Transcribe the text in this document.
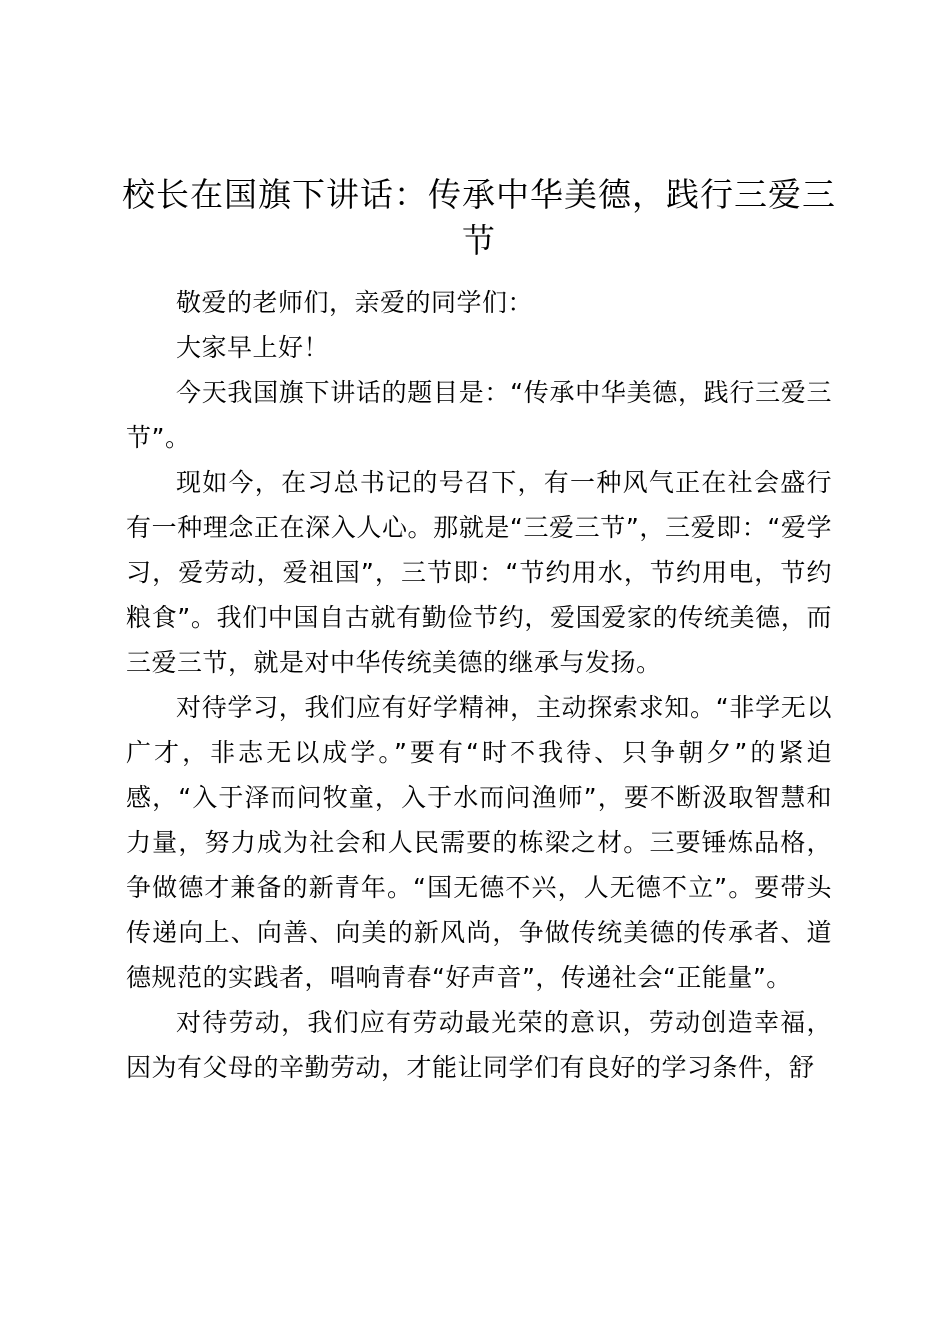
校长在国旗下讲话：传承中华美德，践行三爱三节

敬爱的老师们，亲爱的同学们：

大家早上好！

今天我国旗下讲话的题目是：“传承中华美德，践行三爱三节”。

现如今，在习总书记的号召下，有一种风气正在社会盛行有一种理念正在深入人心。那就是“三爱三节”，三爱即：“爱学习，爱劳动，爱祖国”，三节即：“节约用水，节约用电，节约粮食”。我们中国自古就有勤俭节约，爱国爱家的传统美德，而三爱三节，就是对中华传统美德的继承与发扬。

对待学习，我们应有好学精神，主动探索求知。“非学无以广才，非志无以成学。”要有“时不我待、只争朝夕”的紧迫感，“入于泽而问牧童，入于水而问渔师”，要不断汲取智慧和力量，努力成为社会和人民需要的栋梁之材。三要锤炼品格，争做德才兼备的新青年。“国无德不兴，人无德不立”。要带头传递向上、向善、向美的新风尚，争做传统美德的传承者、道德规范的实践者，唱响青春“好声音”，传递社会“正能量”。

对待劳动，我们应有劳动最光荣的意识，劳动创造幸福，因为有父母的辛勤劳动，才能让同学们有良好的学习条件，舒
